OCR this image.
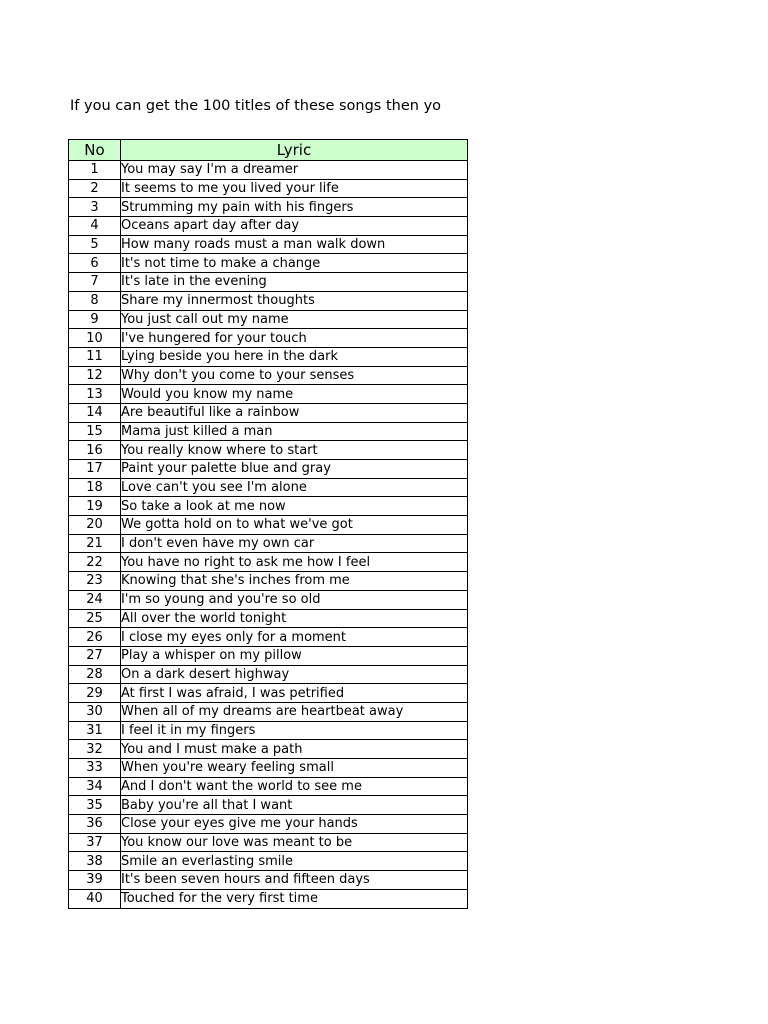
If you can get the 100 titles of these songs then yo
No	Lyric
1	You may say I'm a dreamer
2	It seems to me you lived your life
3	Strumming my pain with his fingers
4	Oceans apart day after day
5	How many roads must a man walk down
6	It's not time to make a change
7	It's late in the evening
8	Share my innermost thoughts
9	You just call out my name
10	I've hungered for your touch
11	Lying beside you here in the dark
12	Why don't you come to your senses
13	Would you know my name
14	Are beautiful like a rainbow
15	Mama just killed a man
16	You really know where to start
17	Paint your palette blue and gray
18	Love can't you see I'm alone
19	So take a look at me now
20	We gotta hold on to what we've got
21	I don't even have my own car
22	You have no right to ask me how I feel
23	Knowing that she's inches from me
24	I'm so young and you're so old
25	All over the world tonight
26	I close my eyes only for a moment
27	Play a whisper on my pillow
28	On a dark desert highway
29	At first I was afraid, I was petrified
30	When all of my dreams are heartbeat away
31	I feel it in my fingers
32	You and I must make a path
33	When you're weary feeling small
34	And I don't want the world to see me
35	Baby you're all that I want
36	Close your eyes give me your hands
37	You know our love was meant to be
38	Smile an everlasting smile
39	It's been seven hours and fifteen days
40	Touched for the very first time
